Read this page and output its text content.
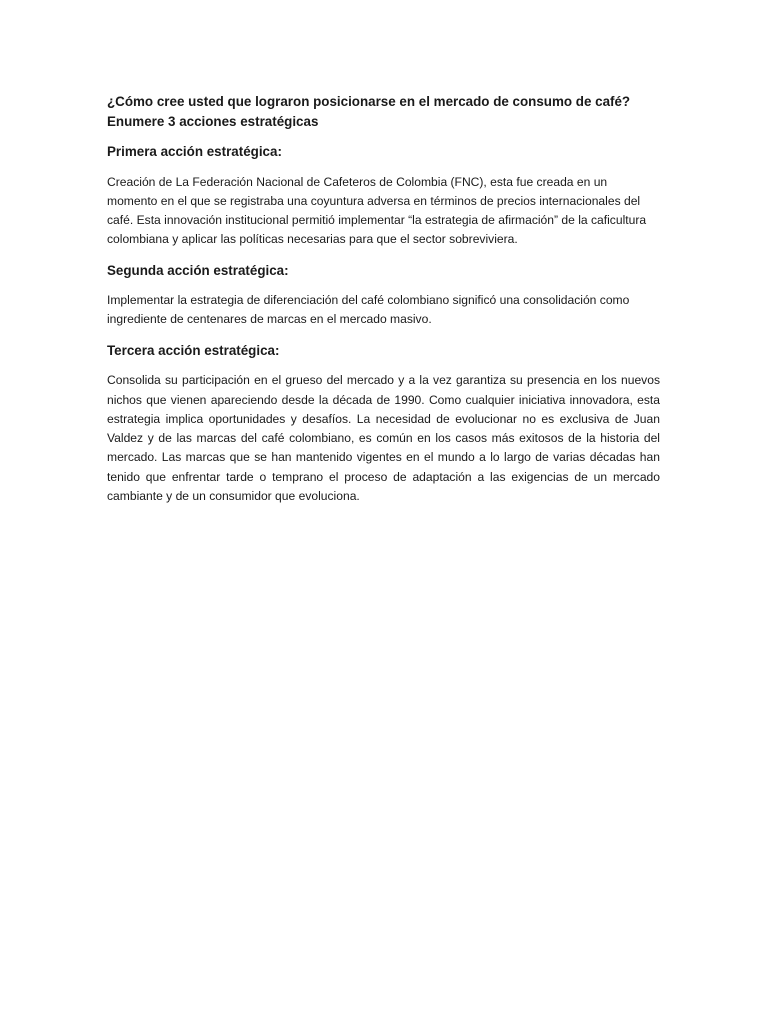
¿Cómo cree usted que lograron posicionarse en el mercado de consumo de café?
Enumere 3 acciones estratégicas
Primera acción estratégica:

Creación de La Federación Nacional de Cafeteros de Colombia (FNC), esta fue creada en un momento en el que se registraba una coyuntura adversa en términos de precios internacionales del café. Esta innovación institucional permitió implementar “la estrategia de afirmación” de la caficultura colombiana y aplicar las políticas necesarias para que el sector sobreviviera.

Segunda acción estratégica:

Implementar la estrategia de diferenciación del café colombiano significó una consolidación como ingrediente de centenares de marcas en el mercado masivo.

Tercera acción estratégica:

Consolida su participación en el grueso del mercado y a la vez garantiza su presencia en los nuevos nichos que vienen apareciendo desde la década de 1990. Como cualquier iniciativa innovadora, esta estrategia implica oportunidades y desafíos. La necesidad de evolucionar no es exclusiva de Juan Valdez y de las marcas del café colombiano, es común en los casos más exitosos de la historia del mercado. Las marcas que se han mantenido vigentes en el mundo a lo largo de varias décadas han tenido que enfrentar tarde o temprano el proceso de adaptación a las exigencias de un mercado cambiante y de un consumidor que evoluciona.
